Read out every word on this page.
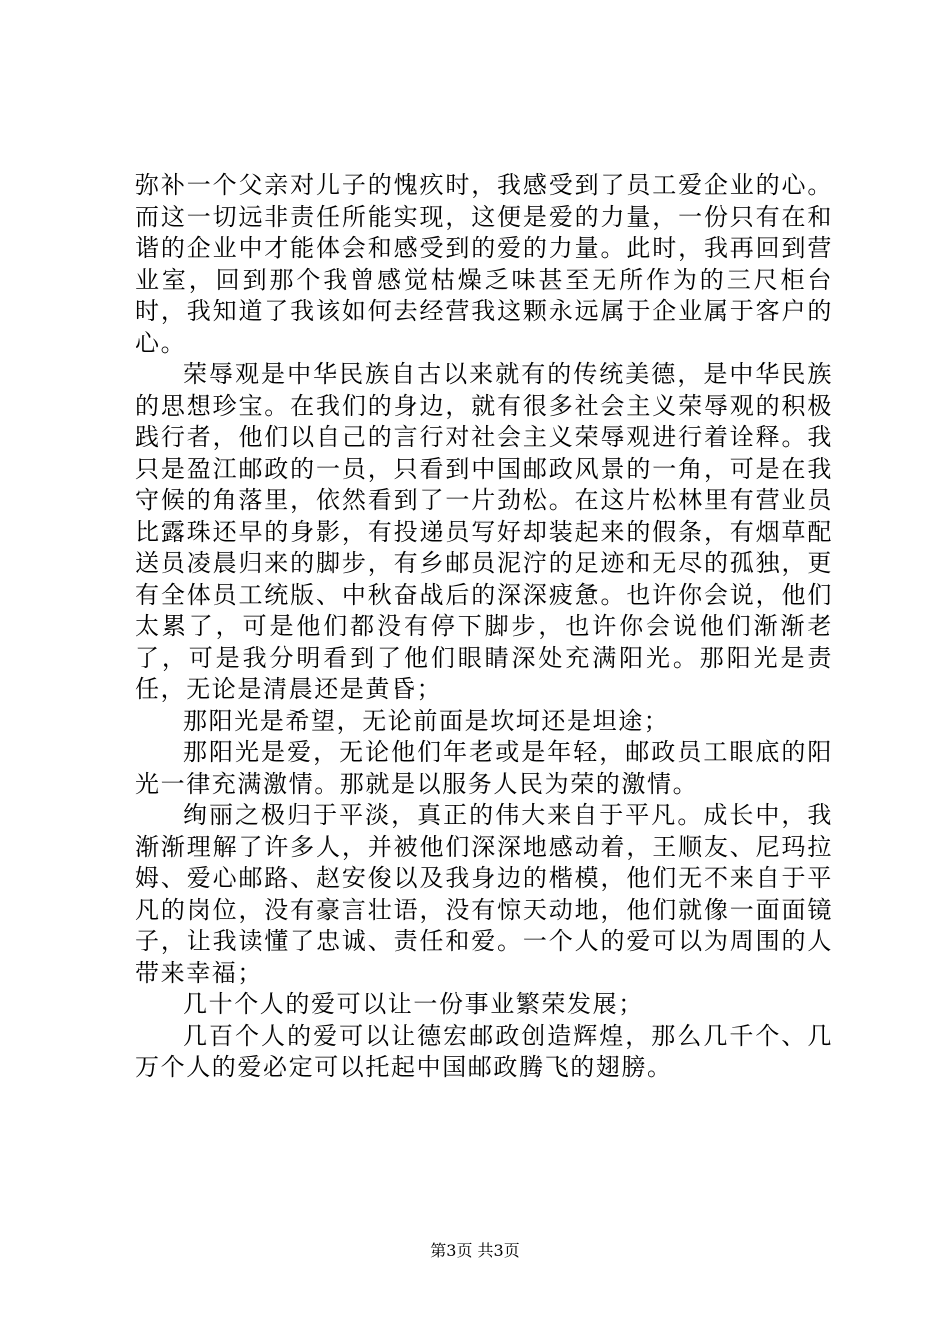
弥补一个父亲对儿子的愧疚时，我感受到了员工爱企业的心。而这一切远非责任所能实现，这便是爱的力量，一份只有在和谐的企业中才能体会和感受到的爱的力量。此时，我再回到营业室，回到那个我曾感觉枯燥乏味甚至无所作为的三尺柜台时，我知道了我该如何去经营我这颗永远属于企业属于客户的心。

荣辱观是中华民族自古以来就有的传统美德，是中华民族的思想珍宝。在我们的身边，就有很多社会主义荣辱观的积极践行者，他们以自己的言行对社会主义荣辱观进行着诠释。我只是盈江邮政的一员，只看到中国邮政风景的一角，可是在我守候的角落里，依然看到了一片劲松。在这片松林里有营业员比露珠还早的身影，有投递员写好却装起来的假条，有烟草配送员凌晨归来的脚步，有乡邮员泥泞的足迹和无尽的孤独，更有全体员工统版、中秋奋战后的深深疲惫。也许你会说，他们太累了，可是他们都没有停下脚步，也许你会说他们渐渐老了，可是我分明看到了他们眼睛深处充满阳光。那阳光是责任，无论是清晨还是黄昏；

那阳光是希望，无论前面是坎坷还是坦途；

那阳光是爱，无论他们年老或是年轻，邮政员工眼底的阳光一律充满激情。那就是以服务人民为荣的激情。

绚丽之极归于平淡，真正的伟大来自于平凡。成长中，我渐渐理解了许多人，并被他们深深地感动着，王顺友、尼玛拉姆、爱心邮路、赵安俊以及我身边的楷模，他们无不来自于平凡的岗位，没有豪言壮语，没有惊天动地，他们就像一面面镜子，让我读懂了忠诚、责任和爱。一个人的爱可以为周围的人带来幸福；

几十个人的爱可以让一份事业繁荣发展；

几百个人的爱可以让德宏邮政创造辉煌，那么几千个、几万个人的爱必定可以托起中国邮政腾飞的翅膀。

第3页 共3页
